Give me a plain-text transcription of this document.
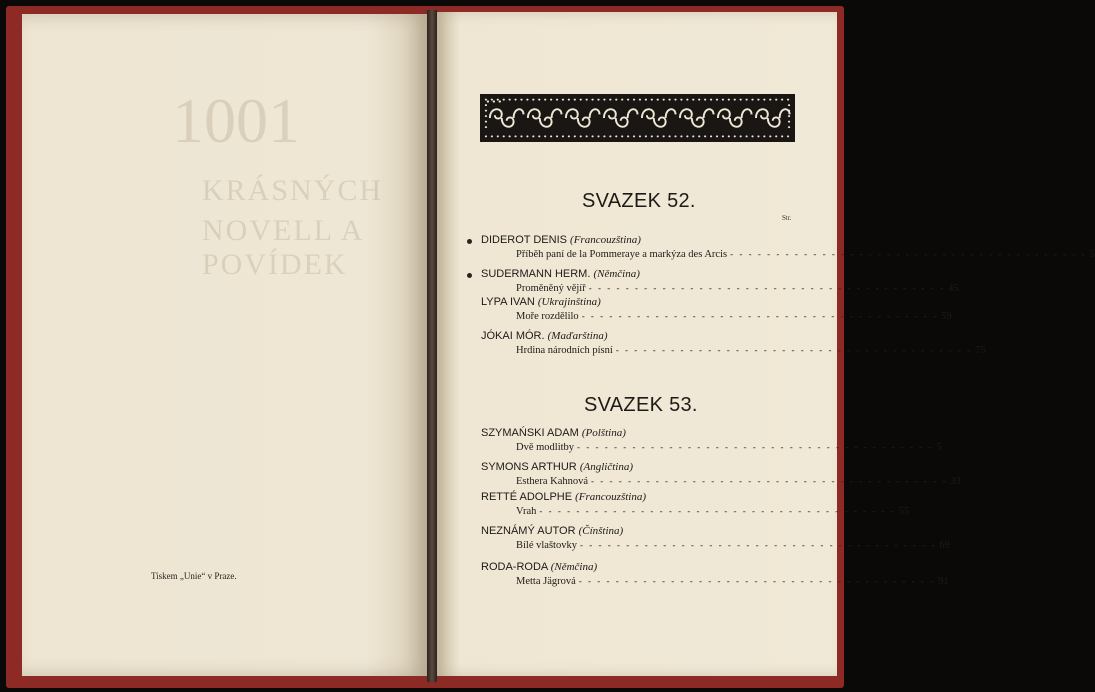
1001
KRÁSNÝCH
NOVELL A POVÍDEK
Tiskem „Unie“ v Praze.
Str.
SVAZEK 52.
DIDEROT DENIS (Francouzština)
Příběh paní de la Pommeraye a markýza des Arcis - - - - - - - - - - - - - - - - - - - - - - - - - - - - - - - - - - - - - - - 5
SUDERMANN HERM. (Němčina)
Proměněný vějíř - - - - - - - - - - - - - - - - - - - - - - - - - - - - - - - - - - - - - - - 45
LYPA IVAN (Ukrajinština)
Moře rozdělilo - - - - - - - - - - - - - - - - - - - - - - - - - - - - - - - - - - - - - - - 59
JÓKAI MÓR. (Maďarština)
Hrdina národních písní - - - - - - - - - - - - - - - - - - - - - - - - - - - - - - - - - - - - - - - 75
SVAZEK 53.
SZYMAŃSKI ADAM (Polština)
Dvě modlitby - - - - - - - - - - - - - - - - - - - - - - - - - - - - - - - - - - - - - - - 5
SYMONS ARTHUR (Angličtina)
Esthera Kahnová - - - - - - - - - - - - - - - - - - - - - - - - - - - - - - - - - - - - - - - 33
RETTÉ ADOLPHE (Francouzština)
Vrah - - - - - - - - - - - - - - - - - - - - - - - - - - - - - - - - - - - - - - - 55
NEZNÁMÝ AUTOR (Čínština)
Bílé vlaštovky - - - - - - - - - - - - - - - - - - - - - - - - - - - - - - - - - - - - - - - 69
RODA-RODA (Němčina)
Metta Jägrová - - - - - - - - - - - - - - - - - - - - - - - - - - - - - - - - - - - - - - - 91
